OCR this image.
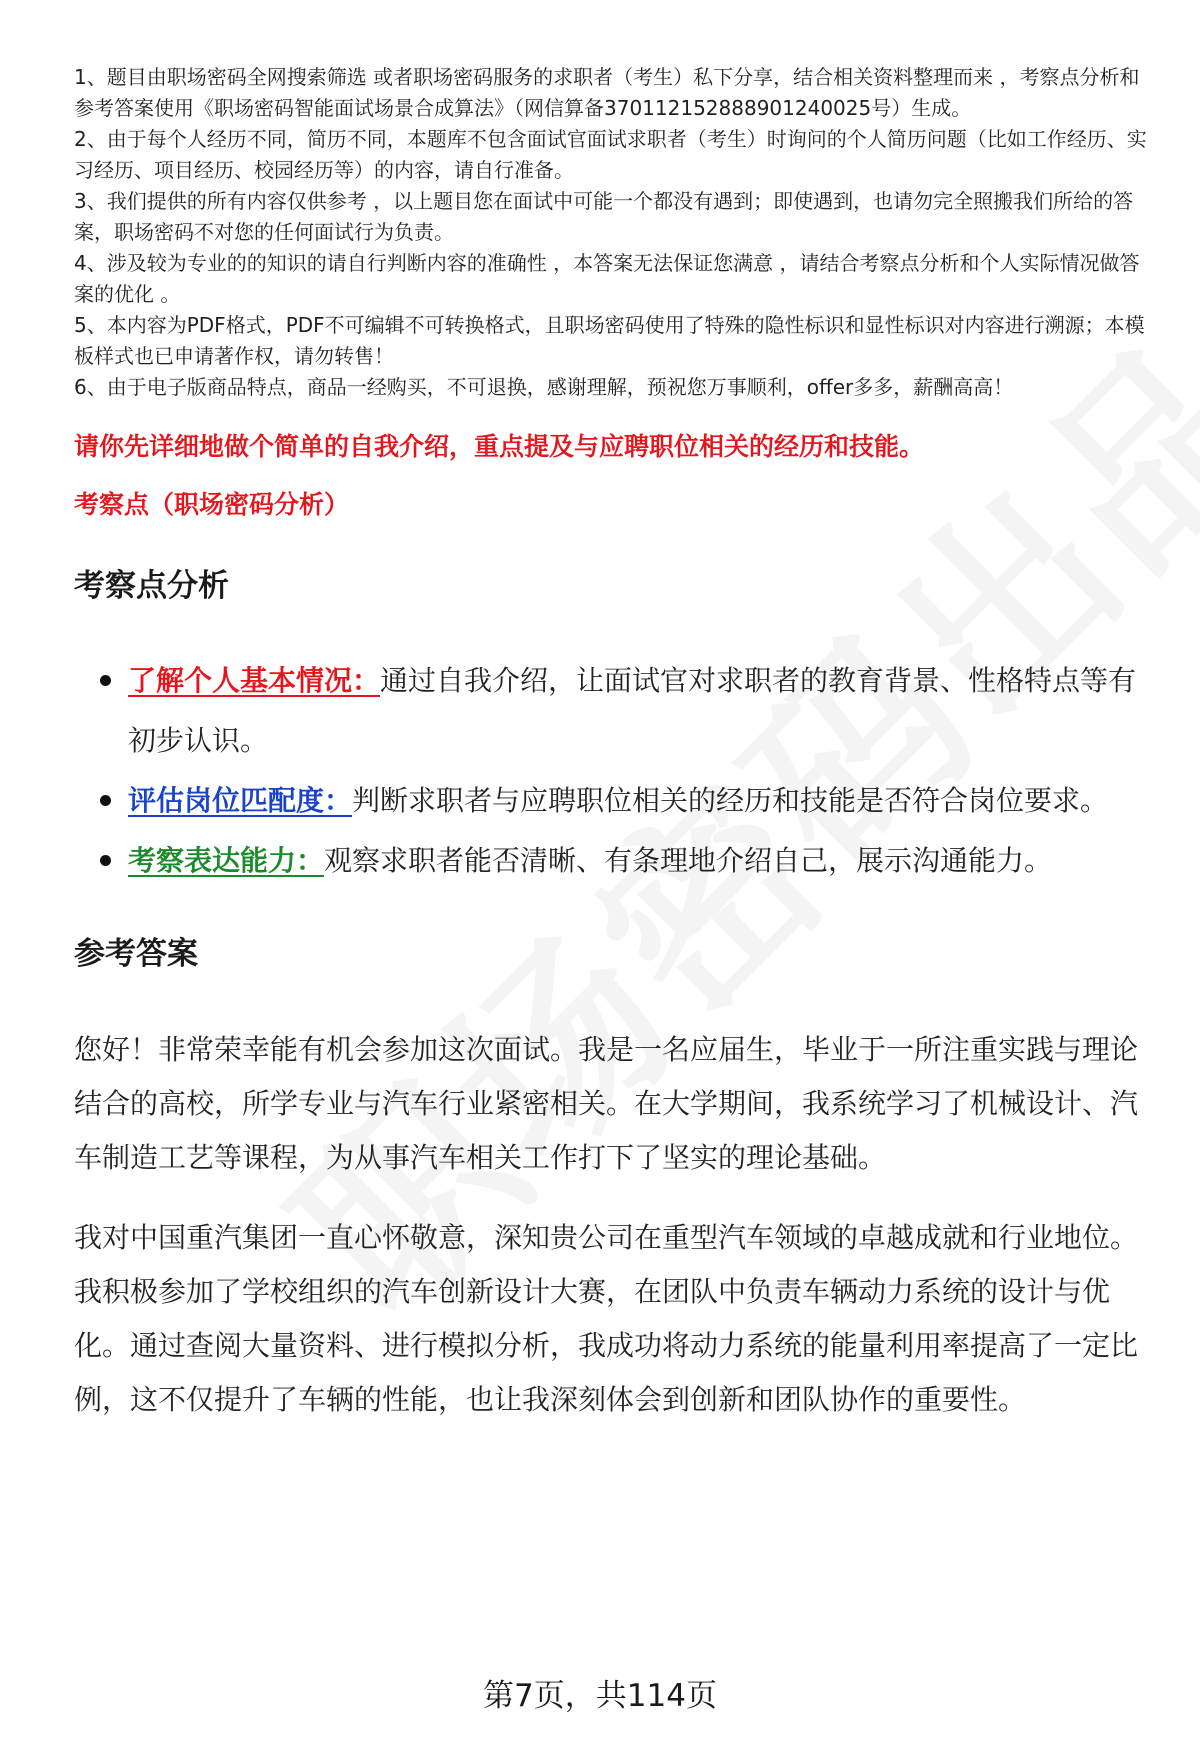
1、题目由职场密码全网搜索筛选 或者职场密码服务的求职者（考生）私下分享，结合相关资料整理而来 ，考察点分析和参考答案使用《职场密码智能面试场景合成算法》（网信算备370112152888901240025号）生成。

2、由于每个人经历不同，简历不同，本题库不包含面试官面试求职者（考生）时询问的个人简历问题（比如工作经历、实习经历、项目经历、校园经历等）的内容，请自行准备。

3、我们提供的所有内容仅供参考 ，以上题目您在面试中可能一个都没有遇到；即使遇到，也请勿完全照搬我们所给的答案，职场密码不对您的任何面试行为负责。

4、涉及较为专业的的知识的请自行判断内容的准确性 ，本答案无法保证您满意 ，请结合考察点分析和个人实际情况做答案的优化 。

5、本内容为PDF格式，PDF不可编辑不可转换格式，且职场密码使用了特殊的隐性标识和显性标识对内容进行溯源；本模板样式也已申请著作权，请勿转售！

6、由于电子版商品特点，商品一经购买，不可退换，感谢理解，预祝您万事顺利，offer多多，薪酬高高！

请你先详细地做个简单的自我介绍，重点提及与应聘职位相关的经历和技能。
考察点（职场密码分析）
考察点分析
了解个人基本情况：通过自我介绍，让面试官对求职者的教育背景、性格特点等有初步认识。
评估岗位匹配度：判断求职者与应聘职位相关的经历和技能是否符合岗位要求。
考察表达能力：观察求职者能否清晰、有条理地介绍自己，展示沟通能力。
参考答案

您好！非常荣幸能有机会参加这次面试。我是一名应届生，毕业于一所注重实践与理论结合的高校，所学专业与汽车行业紧密相关。在大学期间，我系统学习了机械设计、汽车制造工艺等课程，为从事汽车相关工作打下了坚实的理论基础。

我对中国重汽集团一直心怀敬意，深知贵公司在重型汽车领域的卓越成就和行业地位。我积极参加了学校组织的汽车创新设计大赛，在团队中负责车辆动力系统的设计与优化。通过查阅大量资料、进行模拟分析，我成功将动力系统的能量利用率提高了一定比例，这不仅提升了车辆的性能，也让我深刻体会到创新和团队协作的重要性。

第7页，共114页
